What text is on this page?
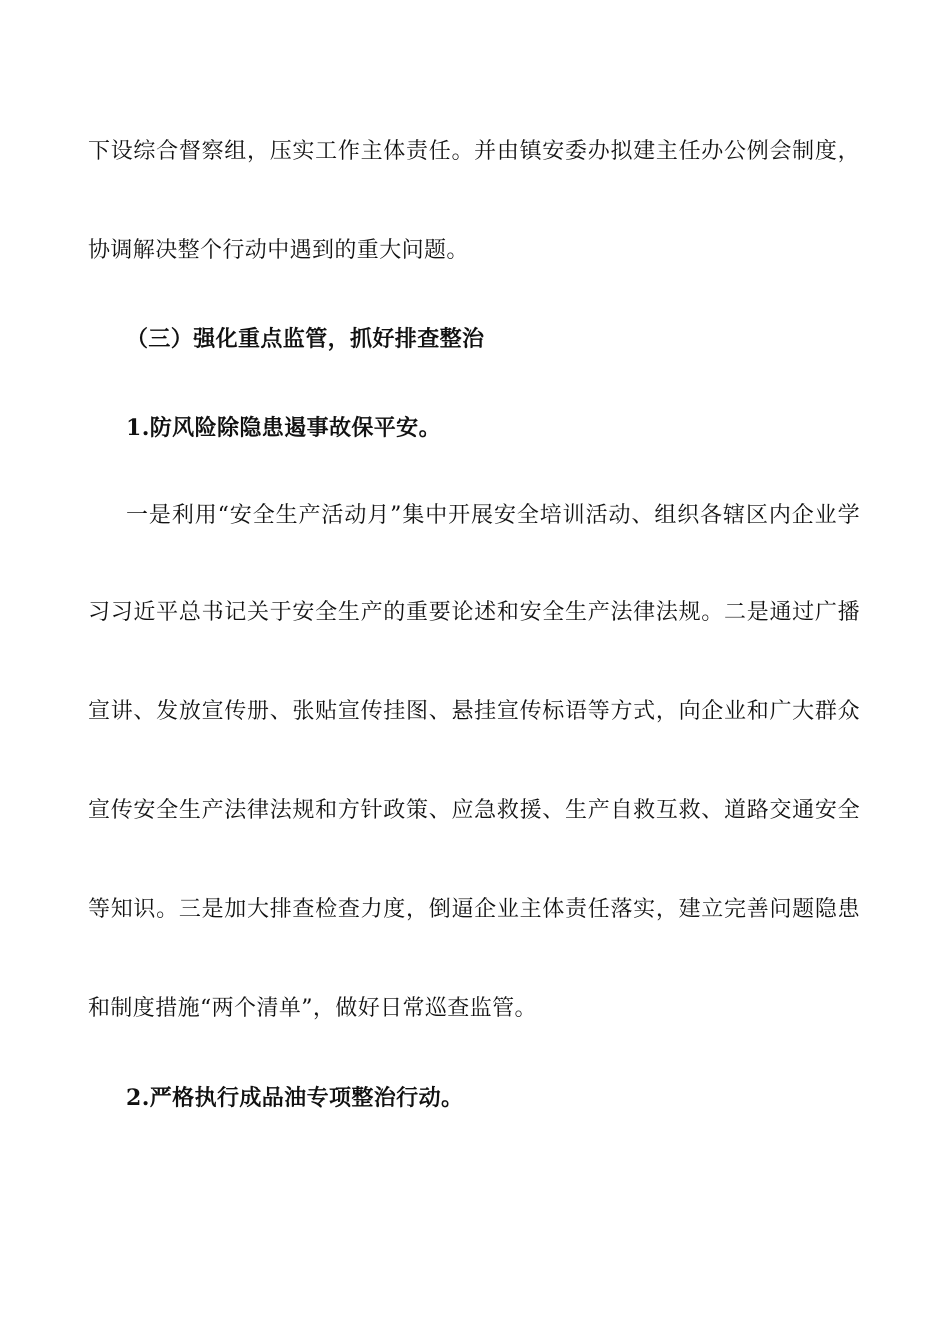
下设综合督察组，压实工作主体责任。并由镇安委办拟建主任办公例会制度，
协调解决整个行动中遇到的重大问题。
（三）强化重点监管，抓好排查整治
1.防风险除隐患遏事故保平安。
一是利用“安全生产活动月”集中开展安全培训活动、组织各辖区内企业学
习习近平总书记关于安全生产的重要论述和安全生产法律法规。二是通过广播
宣讲、发放宣传册、张贴宣传挂图、悬挂宣传标语等方式，向企业和广大群众
宣传安全生产法律法规和方针政策、应急救援、生产自救互救、道路交通安全
等知识。三是加大排查检查力度，倒逼企业主体责任落实，建立完善问题隐患
和制度措施“两个清单”，做好日常巡查监管。
2.严格执行成品油专项整治行动。
